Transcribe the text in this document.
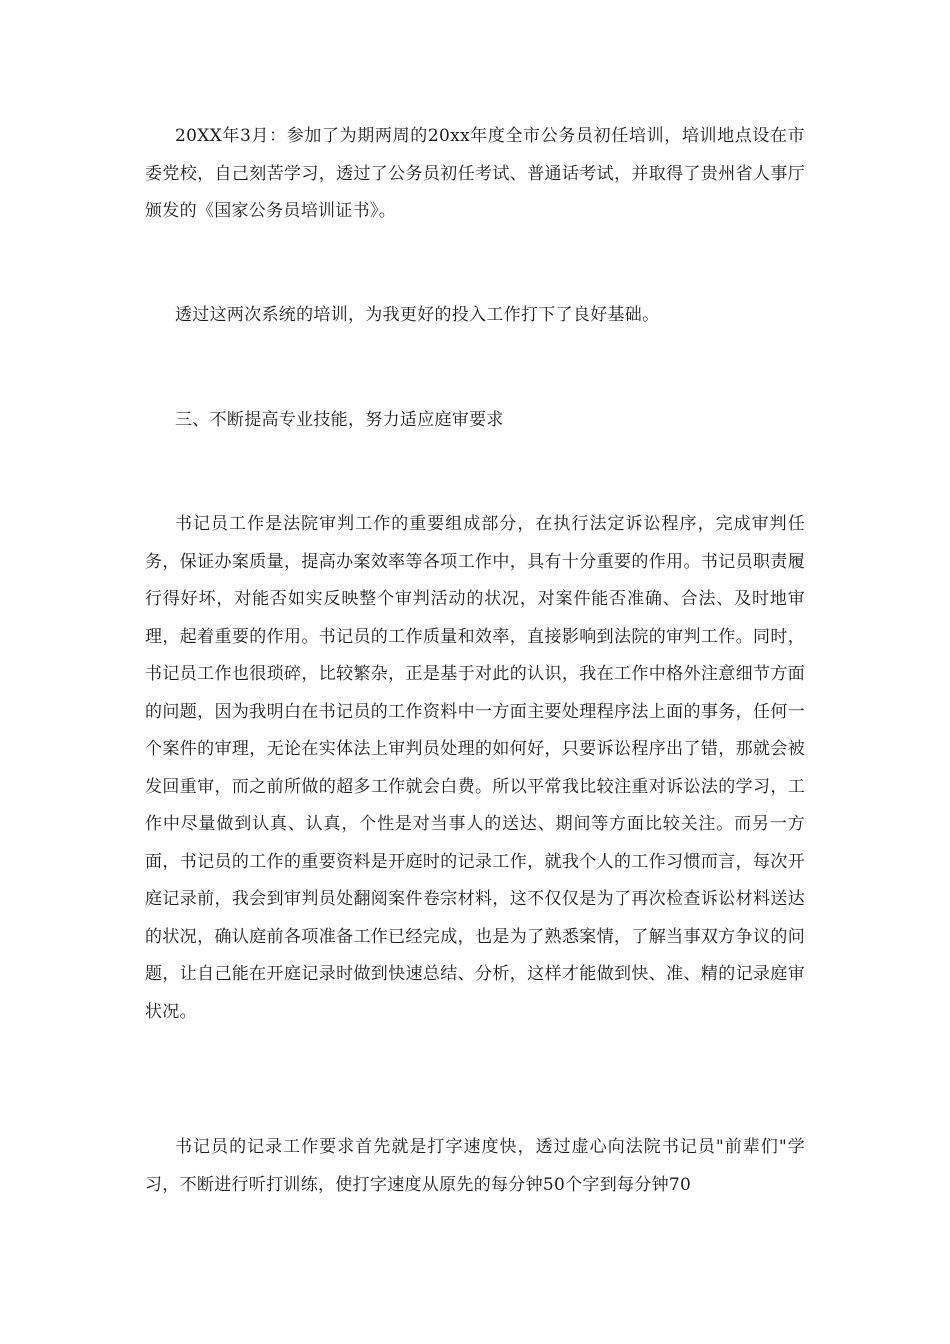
20XX年3月：参加了为期两周的20xx年度全市公务员初任培训，培训地点设在市委党校，自己刻苦学习，透过了公务员初任考试、普通话考试，并取得了贵州省人事厅颁发的《国家公务员培训证书》。

透过这两次系统的培训，为我更好的投入工作打下了良好基础。

三、不断提高专业技能，努力适应庭审要求

书记员工作是法院审判工作的重要组成部分，在执行法定诉讼程序，完成审判任务，保证办案质量，提高办案效率等各项工作中，具有十分重要的作用。书记员职责履行得好坏，对能否如实反映整个审判活动的状况，对案件能否准确、合法、及时地审理，起着重要的作用。书记员的工作质量和效率，直接影响到法院的审判工作。同时，书记员工作也很琐碎，比较繁杂，正是基于对此的认识，我在工作中格外注意细节方面的问题，因为我明白在书记员的工作资料中一方面主要处理程序法上面的事务，任何一个案件的审理，无论在实体法上审判员处理的如何好，只要诉讼程序出了错，那就会被发回重审，而之前所做的超多工作就会白费。所以平常我比较注重对诉讼法的学习，工作中尽量做到认真、认真，个性是对当事人的送达、期间等方面比较关注。而另一方面，书记员的工作的重要资料是开庭时的记录工作，就我个人的工作习惯而言，每次开庭记录前，我会到审判员处翻阅案件卷宗材料，这不仅仅是为了再次检查诉讼材料送达的状况，确认庭前各项准备工作已经完成，也是为了熟悉案情，了解当事双方争议的问题，让自己能在开庭记录时做到快速总结、分析，这样才能做到快、准、精的记录庭审状况。

书记员的记录工作要求首先就是打字速度快，透过虚心向法院书记员"前辈们"学习，不断进行听打训练，使打字速度从原先的每分钟50个字到每分钟70
